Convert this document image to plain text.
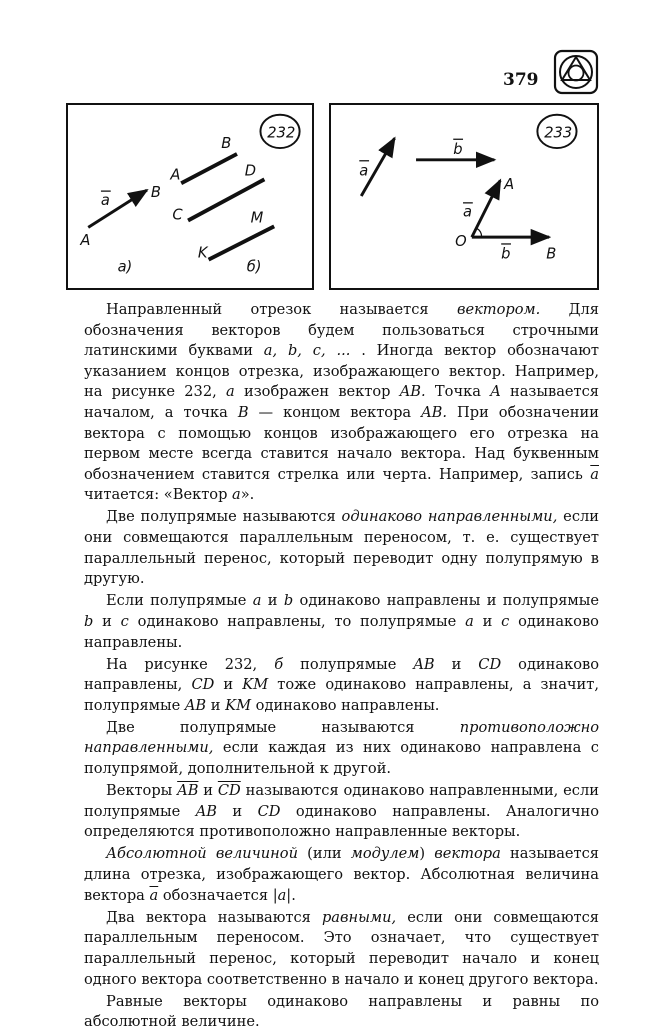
379
232
a
A
B
A
B
C
D
K
M
а)	б)
233
a
b
O
A
B
a
b

Направленный отрезок называется вектором. Для обозначения векторов будем пользоваться строчными латинскими буквами a, b, c, ... . Иногда вектор обозначают указанием концов отрезка, изображающего вектор. Например, на рисунке 232, а изображен вектор AB. Точка A называется началом, а точка B — концом вектора AB. При обозначении вектора с помощью концов изображающего его отрезка на первом месте всегда ставится начало вектора. Над буквенным обозначением ставится стрелка или черта. Например, запись $\overline{a}$ читается: «Вектор a».

Две полупрямые называются одинаково направленными, если они совмещаются параллельным переносом, т. е. существует параллельный перенос, который переводит одну полупрямую в другую.

Если полупрямые a и b одинаково направлены и полупрямые b и c одинаково направлены, то полупрямые a и c одинаково направлены.

На рисунке 232, б полупрямые AB и CD одинаково направлены, CD и KM тоже одинаково направлены, а значит, полупрямые AB и KM одинаково направлены.

Две полупрямые называются противоположно направленными, если каждая из них одинаково направлена с полупрямой, дополнительной к другой.

Векторы $\overline{AB}$ и $\overline{CD}$ называются одинаково направленными, если полупрямые AB и CD одинаково направлены. Аналогично определяются противоположно направленные векторы.

Абсолютной величиной (или модулем) вектора называется длина отрезка, изображающего вектор. Абсолютная величина вектора $\overline{a}$ обозначается |a|.

Два вектора называются равными, если они совмещаются параллельным переносом. Это означает, что существует параллельный перенос, который переводит начало и конец одного вектора соответственно в начало и конец другого вектора.

Равные векторы одинаково направлены и равны по абсолютной величине.
